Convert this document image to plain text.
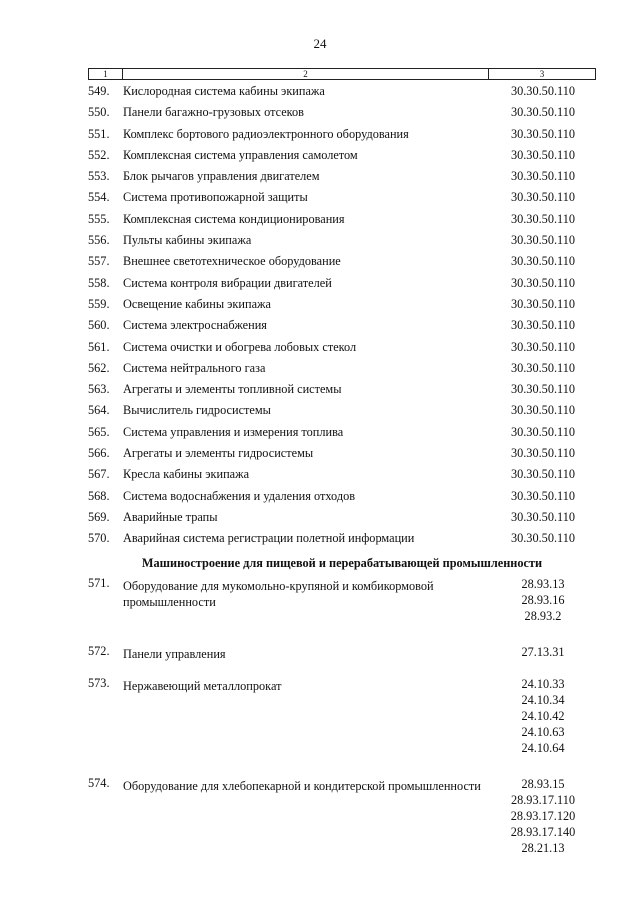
24
1	2	3
549.	Кислородная система кабины экипажа	30.30.50.110
550.	Панели багажно-грузовых отсеков	30.30.50.110
551.	Комплекс бортового радиоэлектронного оборудования	30.30.50.110
552.	Комплексная система управления самолетом	30.30.50.110
553.	Блок рычагов управления двигателем	30.30.50.110
554.	Система противопожарной защиты	30.30.50.110
555.	Комплексная система кондиционирования	30.30.50.110
556.	Пульты кабины экипажа	30.30.50.110
557.	Внешнее светотехническое оборудование	30.30.50.110
558.	Система контроля вибрации двигателей	30.30.50.110
559.	Освещение кабины экипажа	30.30.50.110
560.	Система электроснабжения	30.30.50.110
561.	Система очистки и обогрева лобовых стекол	30.30.50.110
562.	Система нейтрального газа	30.30.50.110
563.	Агрегаты и элементы топливной системы	30.30.50.110
564.	Вычислитель гидросистемы	30.30.50.110
565.	Система управления и измерения топлива	30.30.50.110
566.	Агрегаты и элементы гидросистемы	30.30.50.110
567.	Кресла кабины экипажа	30.30.50.110
568.	Система водоснабжения и удаления отходов	30.30.50.110
569.	Аварийные трапы	30.30.50.110
570.	Аварийная система регистрации полетной информации	30.30.50.110
Машиностроение для пищевой и перерабатывающей промышленности
571.	Оборудование для мукомольно-крупяной и комбикормовой промышленности
28.93.13
28.93.16
28.93.2
572.	Панели управления	27.13.31
573.	Нержавеющий металлопрокат	24.10.33
24.10.34
24.10.42
24.10.63
24.10.64
574.	Оборудование для хлебопекарной и кондитерской промышленности	28.93.15
28.93.17.110
28.93.17.120
28.93.17.140
28.21.13
